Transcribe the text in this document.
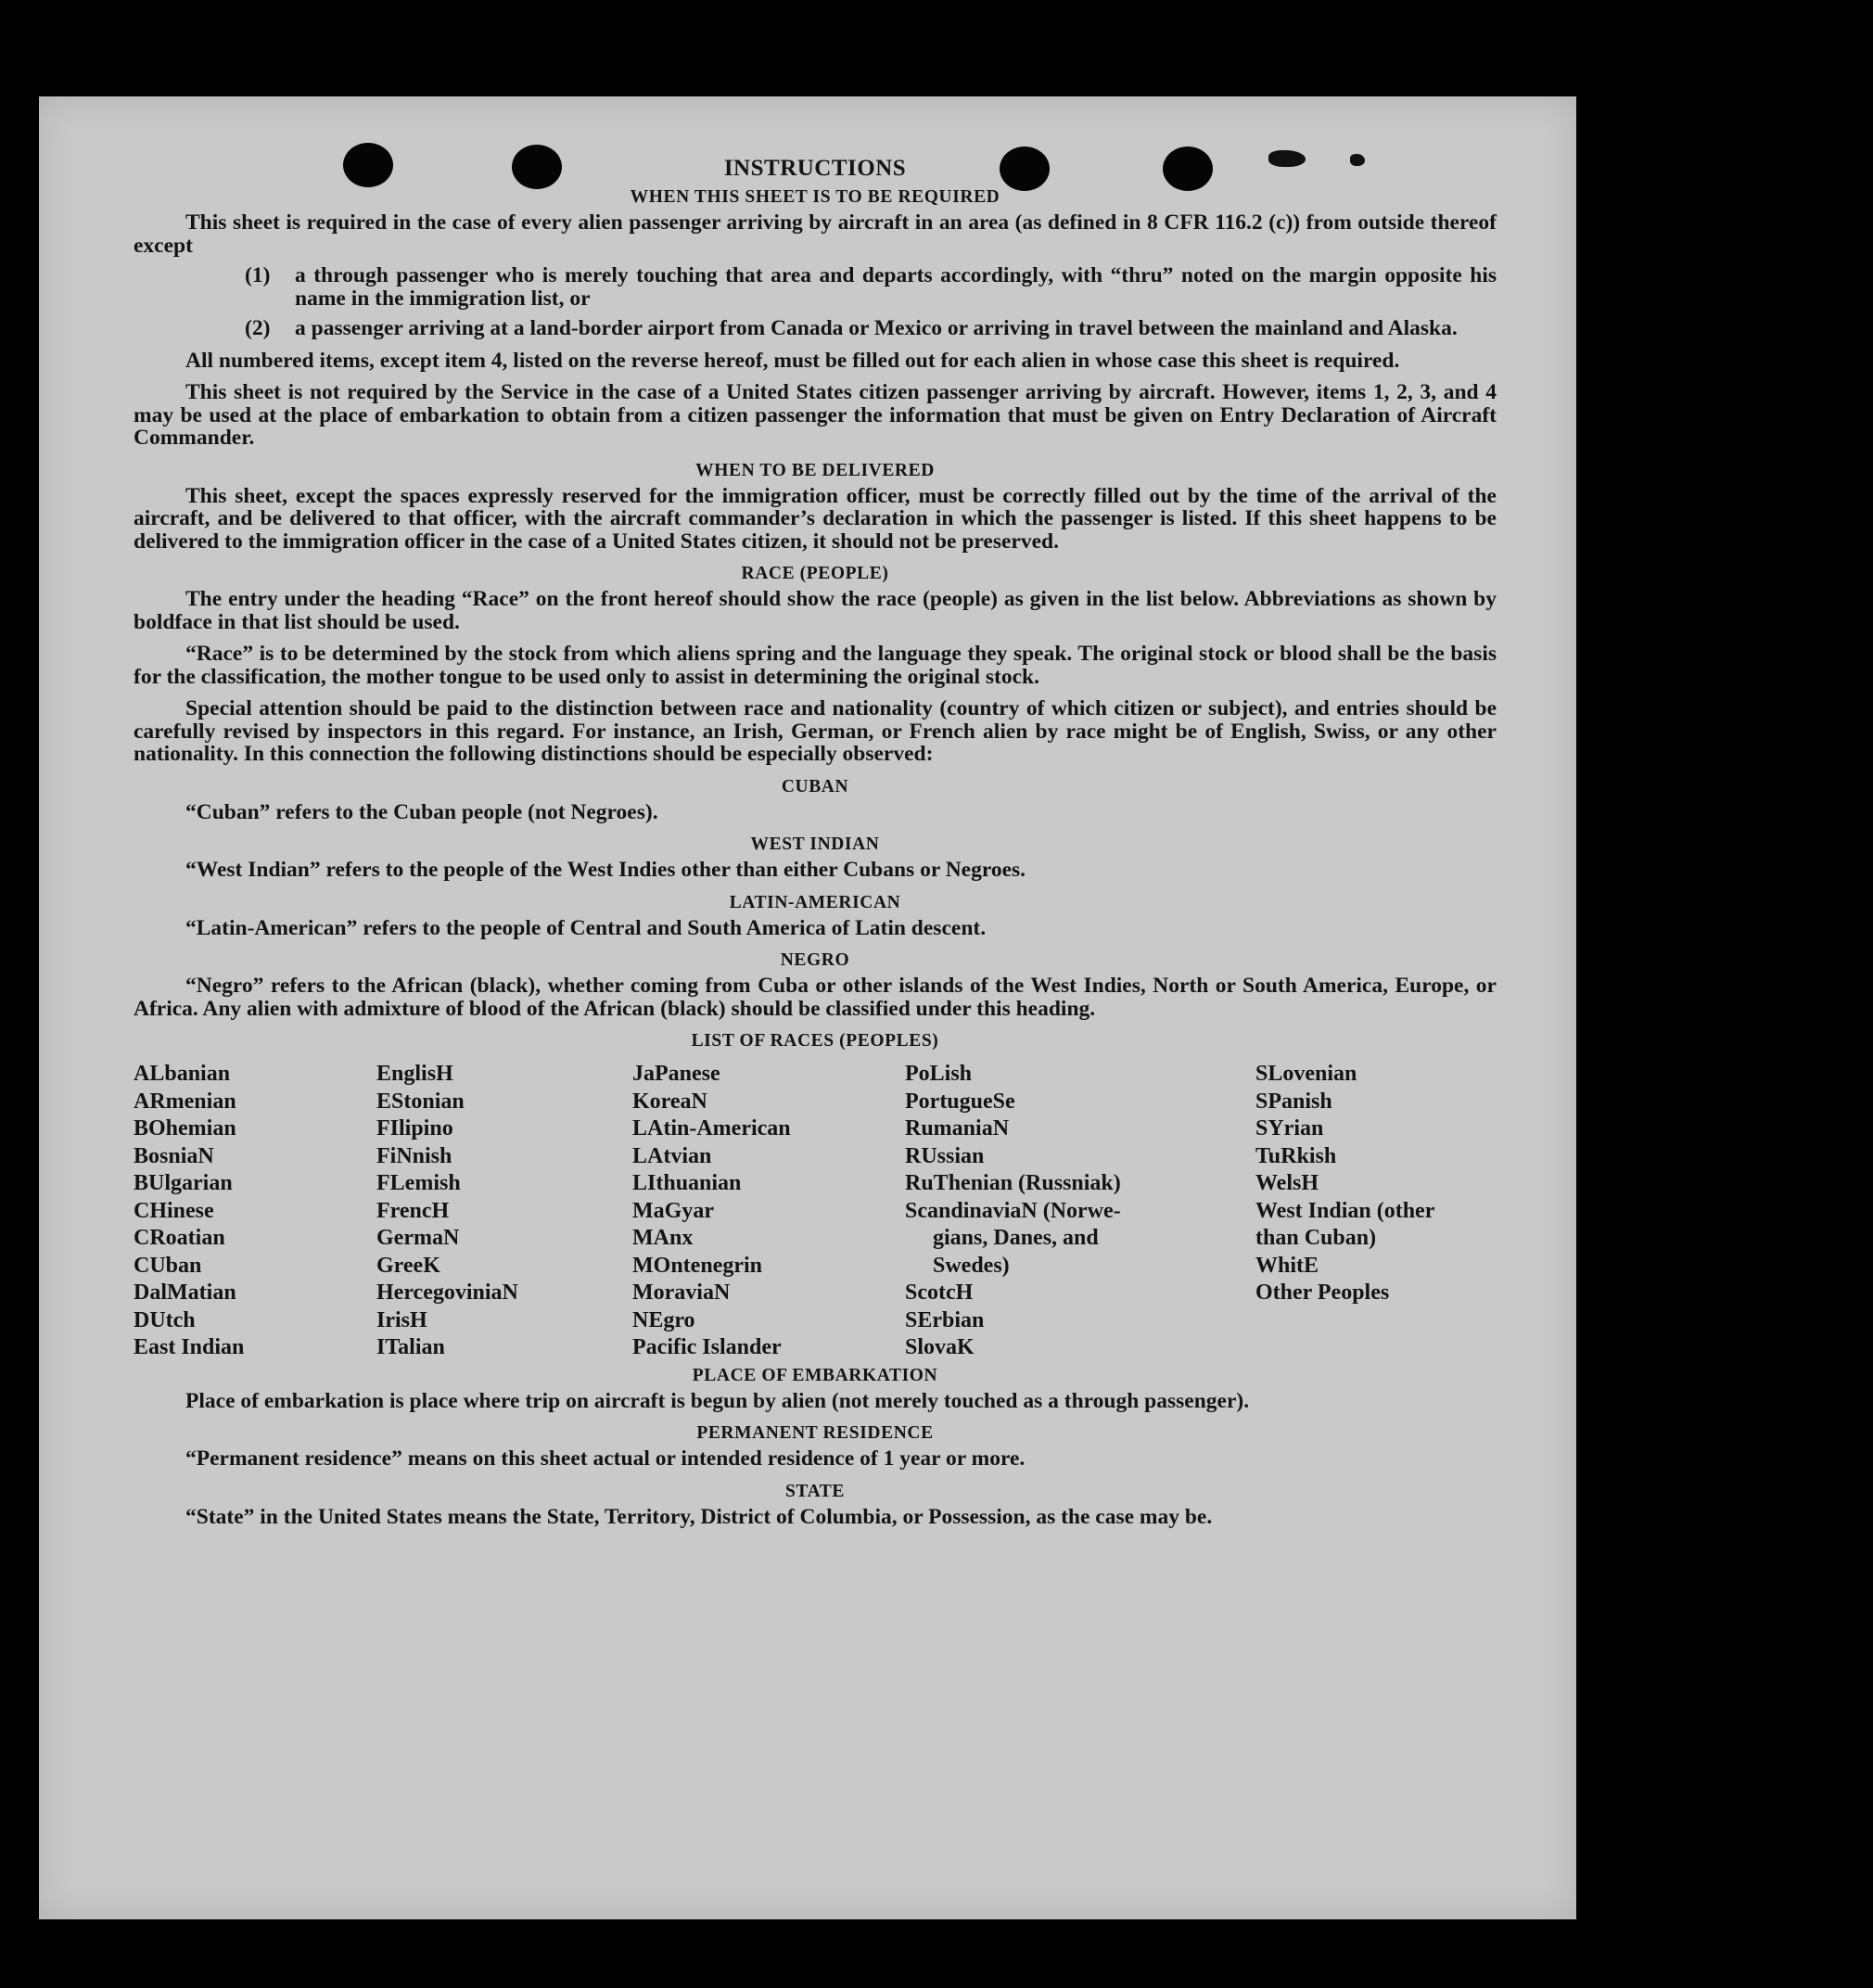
INSTRUCTIONS
WHEN THIS SHEET IS TO BE REQUIRED

This sheet is required in the case of every alien passenger arriving by aircraft in an area (as defined in 8 CFR 116.2 (c)) from outside thereof except

(1)	a through passenger who is merely touching that area and departs accordingly, with “thru” noted on the margin opposite his name in the immigration list, or
(2)	a passenger arriving at a land-border airport from Canada or Mexico or arriving in travel between the mainland and Alaska.

All numbered items, except item 4, listed on the reverse hereof, must be filled out for each alien in whose case this sheet is required.

This sheet is not required by the Service in the case of a United States citizen passenger arriving by aircraft. However, items 1, 2, 3, and 4 may be used at the place of embarkation to obtain from a citizen passenger the information that must be given on Entry Declaration of Aircraft Commander.

WHEN TO BE DELIVERED

This sheet, except the spaces expressly reserved for the immigration officer, must be correctly filled out by the time of the arrival of the aircraft, and be delivered to that officer, with the aircraft commander’s declaration in which the passenger is listed. If this sheet happens to be delivered to the immigration officer in the case of a United States citizen, it should not be preserved.

RACE (PEOPLE)

The entry under the heading “Race” on the front hereof should show the race (people) as given in the list below. Abbreviations as shown by boldface in that list should be used.

“Race” is to be determined by the stock from which aliens spring and the language they speak. The original stock or blood shall be the basis for the classification, the mother tongue to be used only to assist in determining the original stock.

Special attention should be paid to the distinction between race and nationality (country of which citizen or subject), and entries should be carefully revised by inspectors in this regard. For instance, an Irish, German, or French alien by race might be of English, Swiss, or any other nationality. In this connection the following distinctions should be especially observed:

CUBAN

“Cuban” refers to the Cuban people (not Negroes).

WEST INDIAN

“West Indian” refers to the people of the West Indies other than either Cubans or Negroes.

LATIN-AMERICAN

“Latin-American” refers to the people of Central and South America of Latin descent.

NEGRO

“Negro” refers to the African (black), whether coming from Cuba or other islands of the West Indies, North or South America, Europe, or Africa. Any alien with admixture of blood of the African (black) should be classified under this heading.

LIST OF RACES (PEOPLES)
ALbanian
ARmenian
BOhemian
BosniaN
BUlgarian
CHinese
CRoatian
CUban
DalMatian
DUtch
East Indian
EnglisH
EStonian
FIlipino
FiNnish
FLemish
FrencH
GermaN
GreeK
HercegovinіaN
IrisH
ITalian
JaPanese
KoreaN
LAtin-American
LAtvian
LIthuanian
MaGyar
MAnx
MOntenegrin
MoraviaN
NEgro
Pacific Islander
PoLish
PortugueSe
RumaniaN
RUssian
RuThenian (Russniak)
ScandinaviaN (Norwe-
gians, Danes, and
Swedes)
ScotcH
SErbian
SlovaK
SLovenian
SPanish
SYrian
TuRkish
WelsH
West Indian (other
than Cuban)
WhitE
Other Peoples
PLACE OF EMBARKATION

Place of embarkation is place where trip on aircraft is begun by alien (not merely touched as a through passenger).

PERMANENT RESIDENCE

“Permanent residence” means on this sheet actual or intended residence of 1 year or more.

STATE

“State” in the United States means the State, Territory, District of Columbia, or Possession, as the case may be.
